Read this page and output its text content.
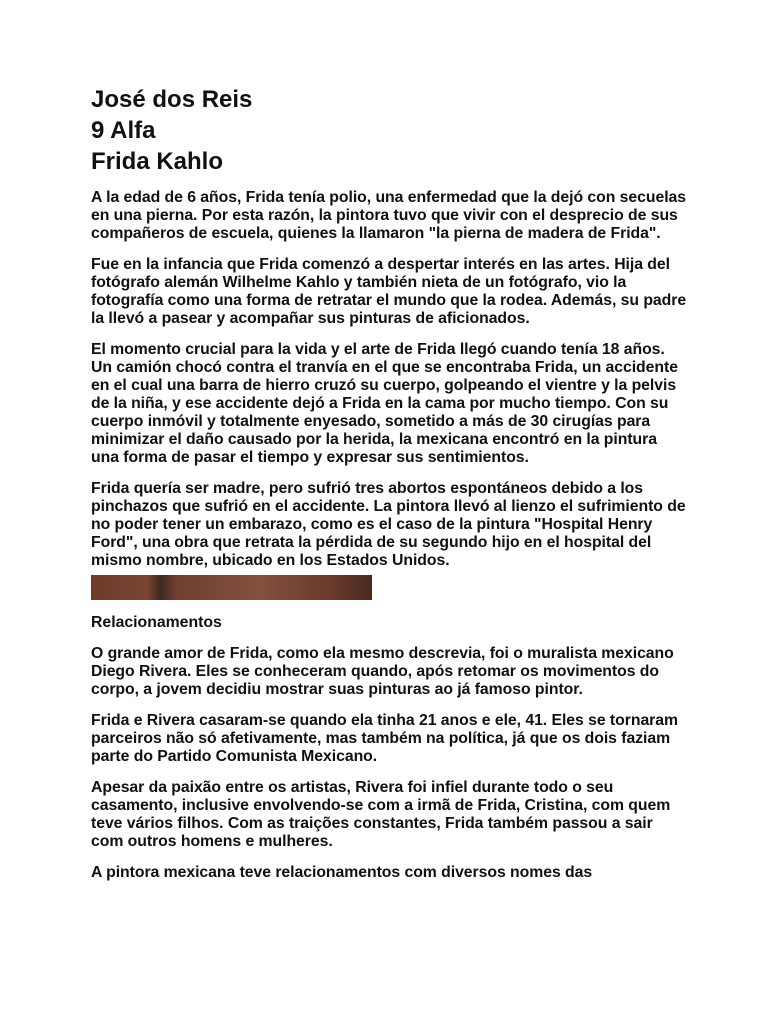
José dos Reis

9 Alfa

Frida Kahlo

A la edad de 6 años, Frida tenía polio, una enfermedad que la dejó con secuelas en una pierna. Por esta razón, la pintora tuvo que vivir con el desprecio de sus compañeros de escuela, quienes la llamaron "la pierna de madera de Frida".

Fue en la infancia que Frida comenzó a despertar interés en las artes. Hija del fotógrafo alemán Wilhelme Kahlo y también nieta de un fotógrafo, vio la fotografía como una forma de retratar el mundo que la rodea. Además, su padre la llevó a pasear y acompañar sus pinturas de aficionados.

El momento crucial para la vida y el arte de Frida llegó cuando tenía 18 años. Un camión chocó contra el tranvía en el que se encontraba Frida, un accidente en el cual una barra de hierro cruzó su cuerpo, golpeando el vientre y la pelvis de la niña, y ese accidente dejó a Frida en la cama por mucho tiempo. Con su cuerpo inmóvil y totalmente enyesado, sometido a más de 30 cirugías para minimizar el daño causado por la herida, la mexicana encontró en la pintura una forma de pasar el tiempo y expresar sus sentimientos.

Frida quería ser madre, pero sufrió tres abortos espontáneos debido a los pinchazos que sufrió en el accidente. La pintora llevó al lienzo el sufrimiento de no poder tener un embarazo, como es el caso de la pintura "Hospital Henry Ford", una obra que retrata la pérdida de su segundo hijo en el hospital del mismo nombre, ubicado en los Estados Unidos.

Relacionamentos

O grande amor de Frida, como ela mesmo descrevia, foi o muralista mexicano Diego Rivera. Eles se conheceram quando, após retomar os movimentos do corpo, a jovem decidiu mostrar suas pinturas ao já famoso pintor.

Frida e Rivera casaram-se quando ela tinha 21 anos e ele, 41. Eles se tornaram parceiros não só afetivamente, mas também na política, já que os dois faziam parte do Partido Comunista Mexicano.

Apesar da paixão entre os artistas, Rivera foi infiel durante todo o seu casamento, inclusive envolvendo-se com a irmã de Frida, Cristina, com quem teve vários filhos. Com as traições constantes, Frida também passou a sair com outros homens e mulheres.

A pintora mexicana teve relacionamentos com diversos nomes das
